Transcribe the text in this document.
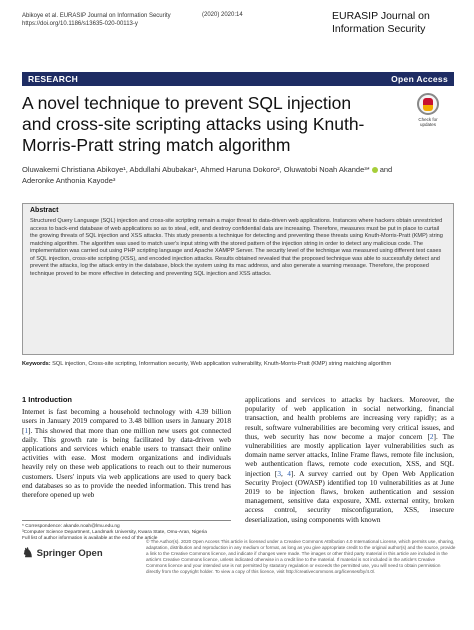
Abikoye et al. EURASIP Journal on Information Security
https://doi.org/10.1186/s13635-020-00113-y
(2020) 2020:14	EURASIP Journal on
Information Security
RESEARCH	Open Access
A novel technique to prevent SQL injection and cross-site scripting attacks using Knuth-Morris-Pratt string match algorithm
Check for
updates
Oluwakemi Christiana Abikoye¹, Abdullahi Abubakar¹, Ahmed Haruna Dokoro², Oluwatobi Noah Akande³* and
Aderonke Anthonia Kayode³
Abstract

Structured Query Language (SQL) injection and cross-site scripting remain a major threat to data-driven web applications. Instances where hackers obtain unrestricted access to back-end database of web applications so as to steal, edit, and destroy confidential data are increasing. Therefore, measures must be put in place to curtail the growing threats of SQL injection and XSS attacks. This study presents a technique for detecting and preventing these threats using Knuth-Morris-Pratt (KMP) string matching algorithm. The algorithm was used to match user's input string with the stored pattern of the injection string in order to detect any malicious code. The implementation was carried out using PHP scripting language and Apache XAMPP Server. The security level of the technique was measured using different test cases of SQL injection, cross-site scripting (XSS), and encoded injection attacks. Results obtained revealed that the proposed technique was able to successfully detect and prevent the attacks, log the attack entry in the database, block the system using its mac address, and also generate a warning message. Therefore, the proposed technique proved to be more effective in detecting and preventing SQL injection and XSS attacks.

Keywords: SQL injection, Cross-site scripting, Information security, Web application vulnerability, Knuth-Morris-Pratt (KMP) string matching algorithm
1 Introduction

Internet is fast becoming a household technology with 4.39 billion users in January 2019 compared to 3.48 billion users in January 2018 [1]. This showed that more than one million new users got connected daily. This growth rate is being facilitated by data-driven web applications and services which enable users to transact their online activities with ease. Most modern organizations and individuals heavily rely on these web applications to reach out to their numerous customers. Users' inputs via web applications are used to query back end databases so as to provide the needed information. This trend has therefore opened up web

applications and services to attacks by hackers. Moreover, the popularity of web application in social networking, financial transaction, and health problems are increasing very rapidly; as a result, software vulnerabilities are becoming very critical issues, and thus, web security has now become a major concern [2]. The vulnerabilities are mostly application layer vulnerabilities such as domain name server attacks, Inline Frame flaws, remote file inclusion, web authentication flaws, remote code execution, XSS, and SQL injection [3, 4]. A survey carried out by Open Web Application Security Project (OWASP) identified top 10 vulnerabilities as at June 2019 to be injection flaws, broken authentication and session management, sensitive data exposure, XML external entity, broken access control, security misconfiguration, XSS, insecure deserialization, using components with known

* Correspondence: akande.noah@lmu.edu.ng
³Computer Science Department, Landmark University, Kwara State, Omu-Aran, Nigeria
Full list of author information is available at the end of the article
♞ Springer Open
© The Author(s). 2020 Open Access This article is licensed under a Creative Commons Attribution 4.0 International License, which permits use, sharing, adaptation, distribution and reproduction in any medium or format, as long as you give appropriate credit to the original author(s) and the source, provide a link to the Creative Commons licence, and indicate if changes were made. The images or other third party material in this article are included in the article's Creative Commons licence, unless indicated otherwise in a credit line to the material. If material is not included in the article's Creative Commons licence and your intended use is not permitted by statutory regulation or exceeds the permitted use, you will need to obtain permission directly from the copyright holder. To view a copy of this licence, visit http://creativecommons.org/licenses/by/4.0/.
